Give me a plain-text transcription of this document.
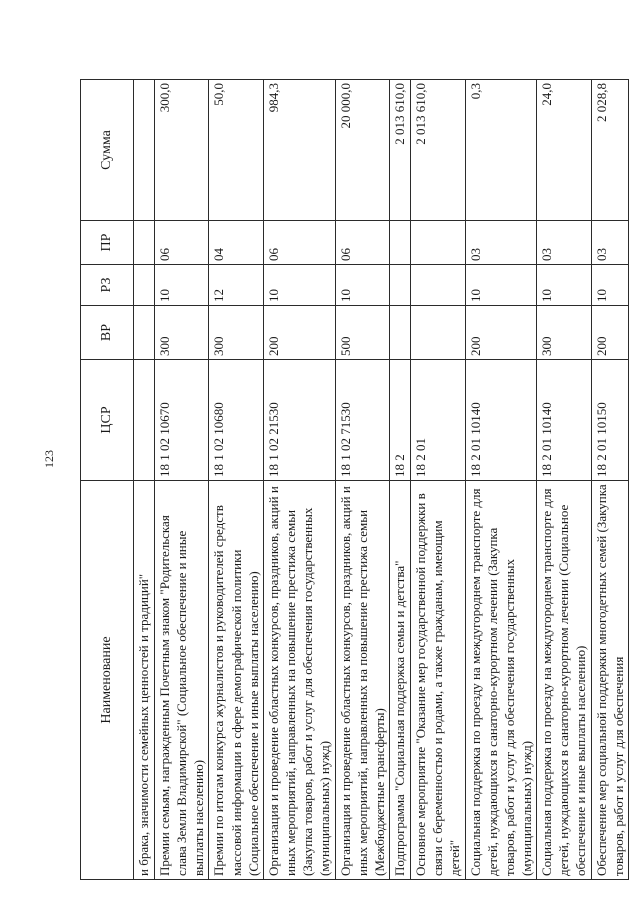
123
Наименование	ЦСР	ВР	РЗ	ПР	Сумма
и брака, значимости семейных ценностей и традиций"					
Премии семьям, награжденным Почетным знаком "Родительская слава Земли Владимирской" (Социальное обеспечение и иные выплаты населению)	18 1 02 10670	300	10	06	300,0
Премии по итогам конкурса журналистов и руководителей средств массовой информации в сфере демографической политики (Социальное обеспечение и иные выплаты населению)	18 1 02 10680	300	12	04	50,0
Организация и проведение областных конкурсов, праздников, акций и иных мероприятий, направленных на повышение престижа семьи (Закупка товаров, работ и услуг для обеспечения государственных (муниципальных) нужд)	18 1 02 21530	200	10	06	984,3
Организация и проведение областных конкурсов, праздников, акций и иных мероприятий, направленных на повышение престижа семьи (Межбюджетные трансферты)	18 1 02 71530	500	10	06	20 000,0
Подпрограмма "Социальная поддержка семьи и детства"	18 2				2 013 610,0
Основное мероприятие "Оказание мер государственной поддержки в связи с беременностью и родами, а также гражданам, имеющим детей"	18 2 01				2 013 610,0
Социальная поддержка по проезду на междугороднем транспорте для детей, нуждающихся в санаторно-курортном лечении (Закупка товаров, работ и услуг для обеспечения государственных (муниципальных) нужд)	18 2 01 10140	200	10	03	0,3
Социальная поддержка по проезду на междугороднем транспорте для детей, нуждающихся в санаторно-курортном лечении (Социальное обеспечение и иные выплаты населению)	18 2 01 10140	300	10	03	24,0
Обеспечение мер социальной поддержки многодетных семей (Закупка товаров, работ и услуг для обеспечения	18 2 01 10150	200	10	03	2 028,8
